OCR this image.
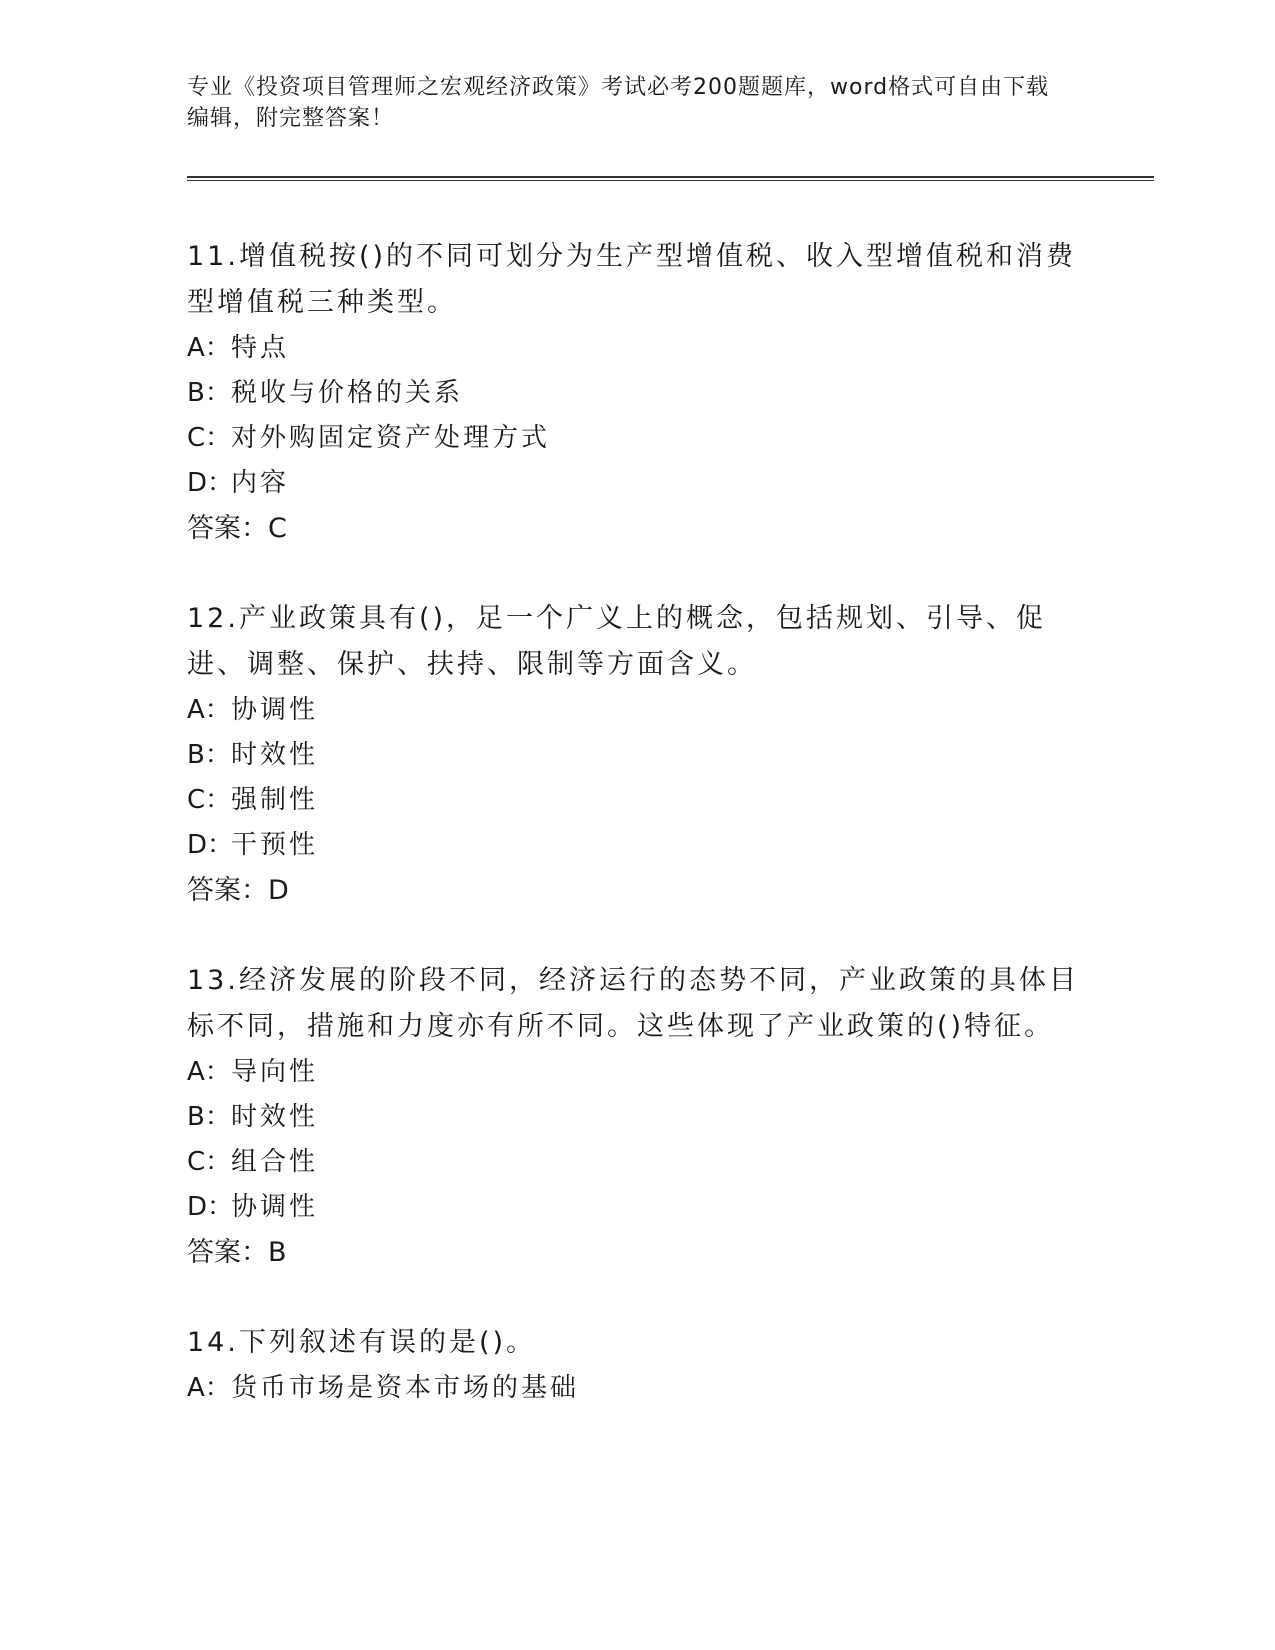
专业《投资项目管理师之宏观经济政策》考试必考200题题库，word格式可自由下载编辑，附完整答案！

11.增值税按()的不同可划分为生产型增值税、收入型增值税和消费型增值税三种类型。

A： 特点
B： 税收与价格的关系
C： 对外购固定资产处理方式
D：
内容

答案：C

12.产业政策具有()，足一个广义上的概念，包括规划、引导、促进、调整、保护、扶持、限制等方面含义。

A： 协调性
B： 时效性
C： 强制性
D：
干预性

答案：D

13.经济发展的阶段不同，经济运行的态势不同，产业政策的具体目标不同，措施和力度亦有所不同。这些体现了产业政策的()特征。

A： 导向性
B： 时效性
C： 组合性
D：
协调性

答案：B

14.下列叙述有误的是()。

A： 货币市场是资本市场的基础
